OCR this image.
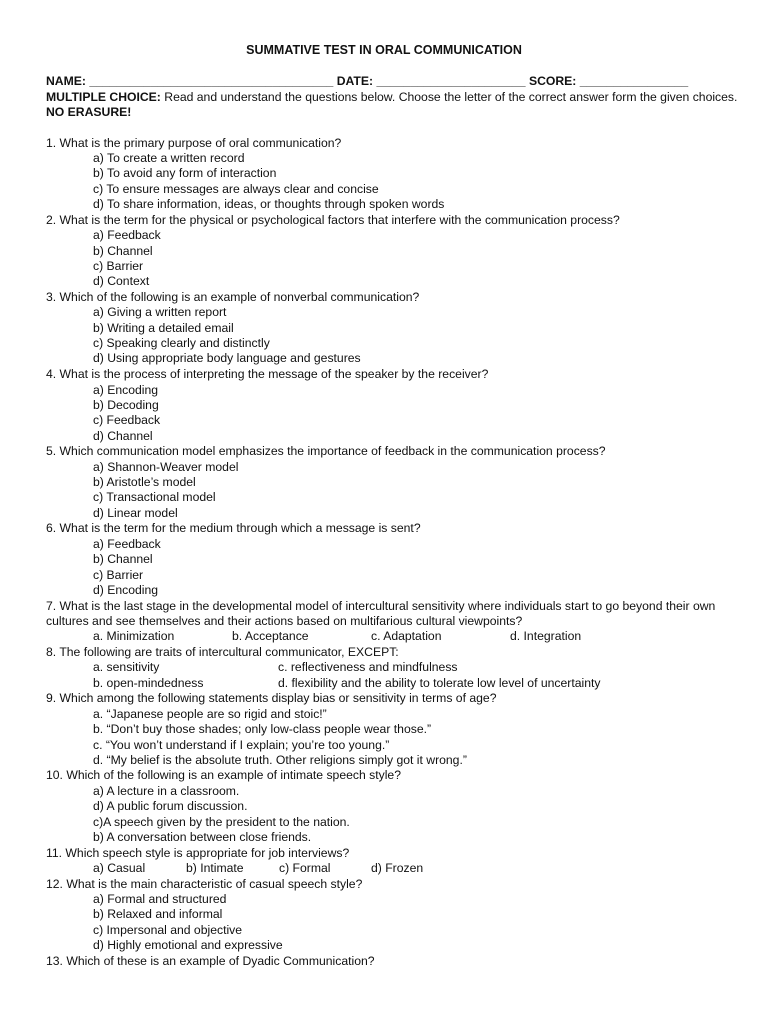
SUMMATIVE TEST IN ORAL COMMUNICATION
NAME: ____________________________________ DATE: ______________________ SCORE: ________________
MULTIPLE CHOICE: Read and understand the questions below. Choose the letter of the correct answer form the given choices.
NO ERASURE!
1. What is the primary purpose of oral communication?
a) To create a written record
b) To avoid any form of interaction
c) To ensure messages are always clear and concise
d) To share information, ideas, or thoughts through spoken words
2. What is the term for the physical or psychological factors that interfere with the communication process?
a) Feedback
b) Channel
c) Barrier
d) Context
3. Which of the following is an example of nonverbal communication?
a) Giving a written report
b) Writing a detailed email
c) Speaking clearly and distinctly
d) Using appropriate body language and gestures
4. What is the process of interpreting the message of the speaker by the receiver?
a) Encoding
b) Decoding
c) Feedback
d) Channel
5. Which communication model emphasizes the importance of feedback in the communication process?
a) Shannon-Weaver model
b) Aristotle’s model
c) Transactional model
d) Linear model
6. What is the term for the medium through which a message is sent?
a) Feedback
b) Channel
c) Barrier
d) Encoding
7. What is the last stage in the developmental model of intercultural sensitivity where individuals start to go beyond their own
cultures and see themselves and their actions based on multifarious cultural viewpoints?
a. Minimization	b. Acceptance	c. Adaptation	d. Integration
8. The following are traits of intercultural communicator, EXCEPT:
a. sensitivity	c. reflectiveness and mindfulness
b. open-mindedness	d. flexibility and the ability to tolerate low level of uncertainty
9. Which among the following statements display bias or sensitivity in terms of age?
a. “Japanese people are so rigid and stoic!”
b. “Don’t buy those shades; only low-class people wear those.”
c. “You won’t understand if I explain; you’re too young.”
d. “My belief is the absolute truth. Other religions simply got it wrong.”
10. Which of the following is an example of intimate speech style?
a) A lecture in a classroom.
d) A public forum discussion.
c)A speech given by the president to the nation.
b) A conversation between close friends.
11. Which speech style is appropriate for job interviews?
a) Casual	b) Intimate	c) Formal	d) Frozen
12. What is the main characteristic of casual speech style?
a) Formal and structured
b) Relaxed and informal
c) Impersonal and objective
d) Highly emotional and expressive
13. Which of these is an example of Dyadic Communication?
